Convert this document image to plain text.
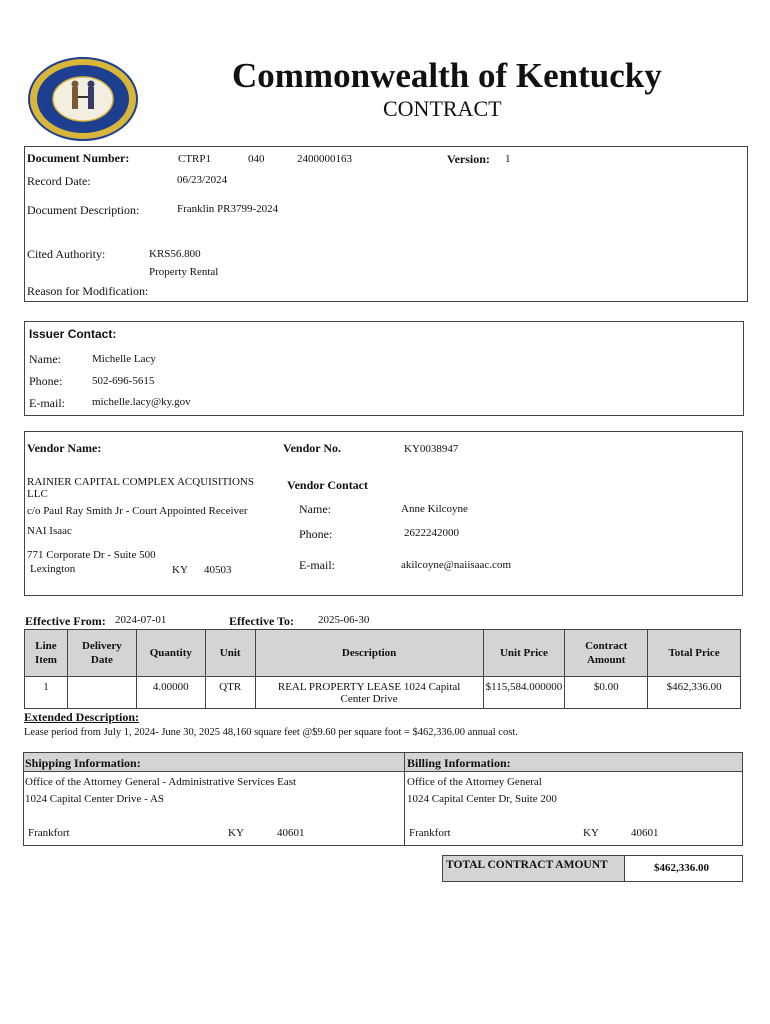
Commonwealth of Kentucky
CONTRACT
Document Number:	CTRP1	040	2400000163	Version: 1
Record Date:	06/23/2024
Document Description:	Franklin PR3799-2024
Cited Authority:	KRS56.800
Property Rental
Reason for Modification:
Issuer Contact:
Name:	Michelle Lacy
Phone:	502-696-5615
E-mail: michelle.lacy@ky.gov
Vendor Name:	Vendor No.	KY0038947
RAINIER CAPITAL COMPLEX ACQUISITIONS
LLC
c/o Paul Ray Smith Jr - Court Appointed Receiver
NAI Isaac
771 Corporate Dr - Suite 500
Lexington	KY 40503
Vendor Contact
Name:	Anne Kilcoyne
Phone:	2622242000
E-mail:	akilcoyne@naiisaac.com
Effective From: 2024-07-01	Effective To: 2025-06-30
Line Item	Delivery Date	Quantity	Unit	Description	Unit Price	Contract Amount	Total Price
1		4.00000	QTR	REAL PROPERTY LEASE 1024 Capital
Center Drive	$115,584.000000	$0.00	$462,336.00
Extended Description:
Lease period from July 1, 2024- June 30, 2025 48,160 square feet @$9.60 per square foot = $462,336.00 annual cost.
Shipping Information:
Office of the Attorney General - Administrative Services East
1024 Capital Center Drive - AS
Frankfort	KY	40601
Billing Information:
Office of the Attorney General
1024 Capital Center Dr, Suite 200
Frankfort	KY	40601
TOTAL CONTRACT AMOUNT	$462,336.00
